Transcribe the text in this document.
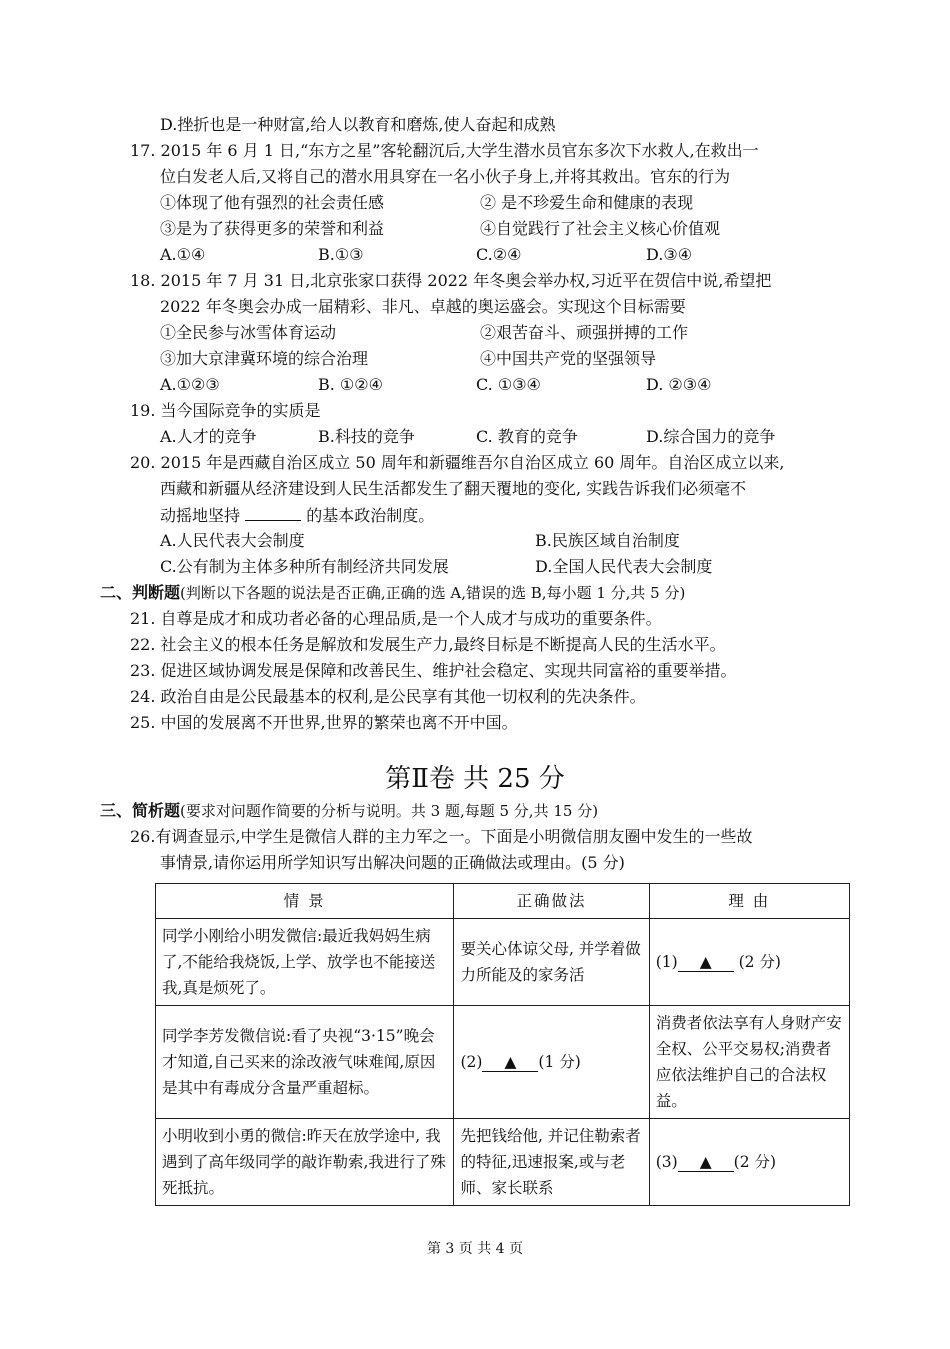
D.挫折也是一种财富,给人以教育和磨炼,使人奋起和成熟
17. 2015 年 6 月 1 日,“东方之星”客轮翻沉后,大学生潜水员官东多次下水救人,在救出一
位白发老人后,又将自己的潜水用具穿在一名小伙子身上,并将其救出。官东的行为
①体现了他有强烈的社会责任感	② 是不珍爱生命和健康的表现
③是为了获得更多的荣誉和利益	④自觉践行了社会主义核心价值观
A.①④	B.①③	C.②④	D.③④
18. 2015 年 7 月 31 日,北京张家口获得 2022 年冬奥会举办权,习近平在贺信中说,希望把
2022 年冬奥会办成一届精彩、非凡、卓越的奥运盛会。实现这个目标需要
①全民参与冰雪体育运动	②艰苦奋斗、顽强拼搏的工作
③加大京津冀环境的综合治理	④中国共产党的坚强领导
A.①②③	B. ①②④	C. ①③④	D. ②③④
19. 当今国际竞争的实质是
A.人才的竞争	B.科技的竞争	C. 教育的竞争	D.综合国力的竞争
20. 2015 年是西藏自治区成立 50 周年和新疆维吾尔自治区成立 60 周年。自治区成立以来,
西藏和新疆从经济建设到人民生活都发生了翻天覆地的变化, 实践告诉我们必须毫不
动摇地坚持	的基本政治制度。
A.人民代表大会制度	B.民族区域自治制度
C.公有制为主体多种所有制经济共同发展	D.全国人民代表大会制度
二、判断题(判断以下各题的说法是否正确,正确的选 A,错误的选 B,每小题 1 分,共 5 分)
21. 自尊是成才和成功者必备的心理品质,是一个人成才与成功的重要条件。
22. 社会主义的根本任务是解放和发展生产力,最终目标是不断提高人民的生活水平。
23. 促进区域协调发展是保障和改善民生、维护社会稳定、实现共同富裕的重要举措。
24. 政治自由是公民最基本的权利,是公民享有其他一切权利的先决条件。
25. 中国的发展离不开世界,世界的繁荣也离不开中国。
第Ⅱ卷 共 25 分
三、简析题(要求对问题作简要的分析与说明。共 3 题,每题 5 分,共 15 分)
26.有调查显示,中学生是微信人群的主力军之一。下面是小明微信朋友圈中发生的一些故
事情景,请你运用所学知识写出解决问题的正确做法或理由。(5 分)
情 景	正确做法	理 由
同学小刚给小明发微信:最近我妈妈生病了,不能给我烧饭,上学、放学也不能接送我,真是烦死了。	要关心体谅父母, 并学着做力所能及的家务活	(1) ▲ (2 分)
同学李芳发微信说:看了央视“3·15”晚会才知道,自己买来的涂改液气味难闻,原因是其中有毒成分含量严重超标。	(2) ▲ (1 分)	消费者依法享有人身财产安全权、公平交易权;消费者应依法维护自己的合法权益。
小明收到小勇的微信:昨天在放学途中, 我遇到了高年级同学的敲诈勒索,我进行了殊死抵抗。	先把钱给他, 并记住勒索者的特征,迅速报案,或与老师、家长联系	(3) ▲ (2 分)
第 3 页 共 4 页
